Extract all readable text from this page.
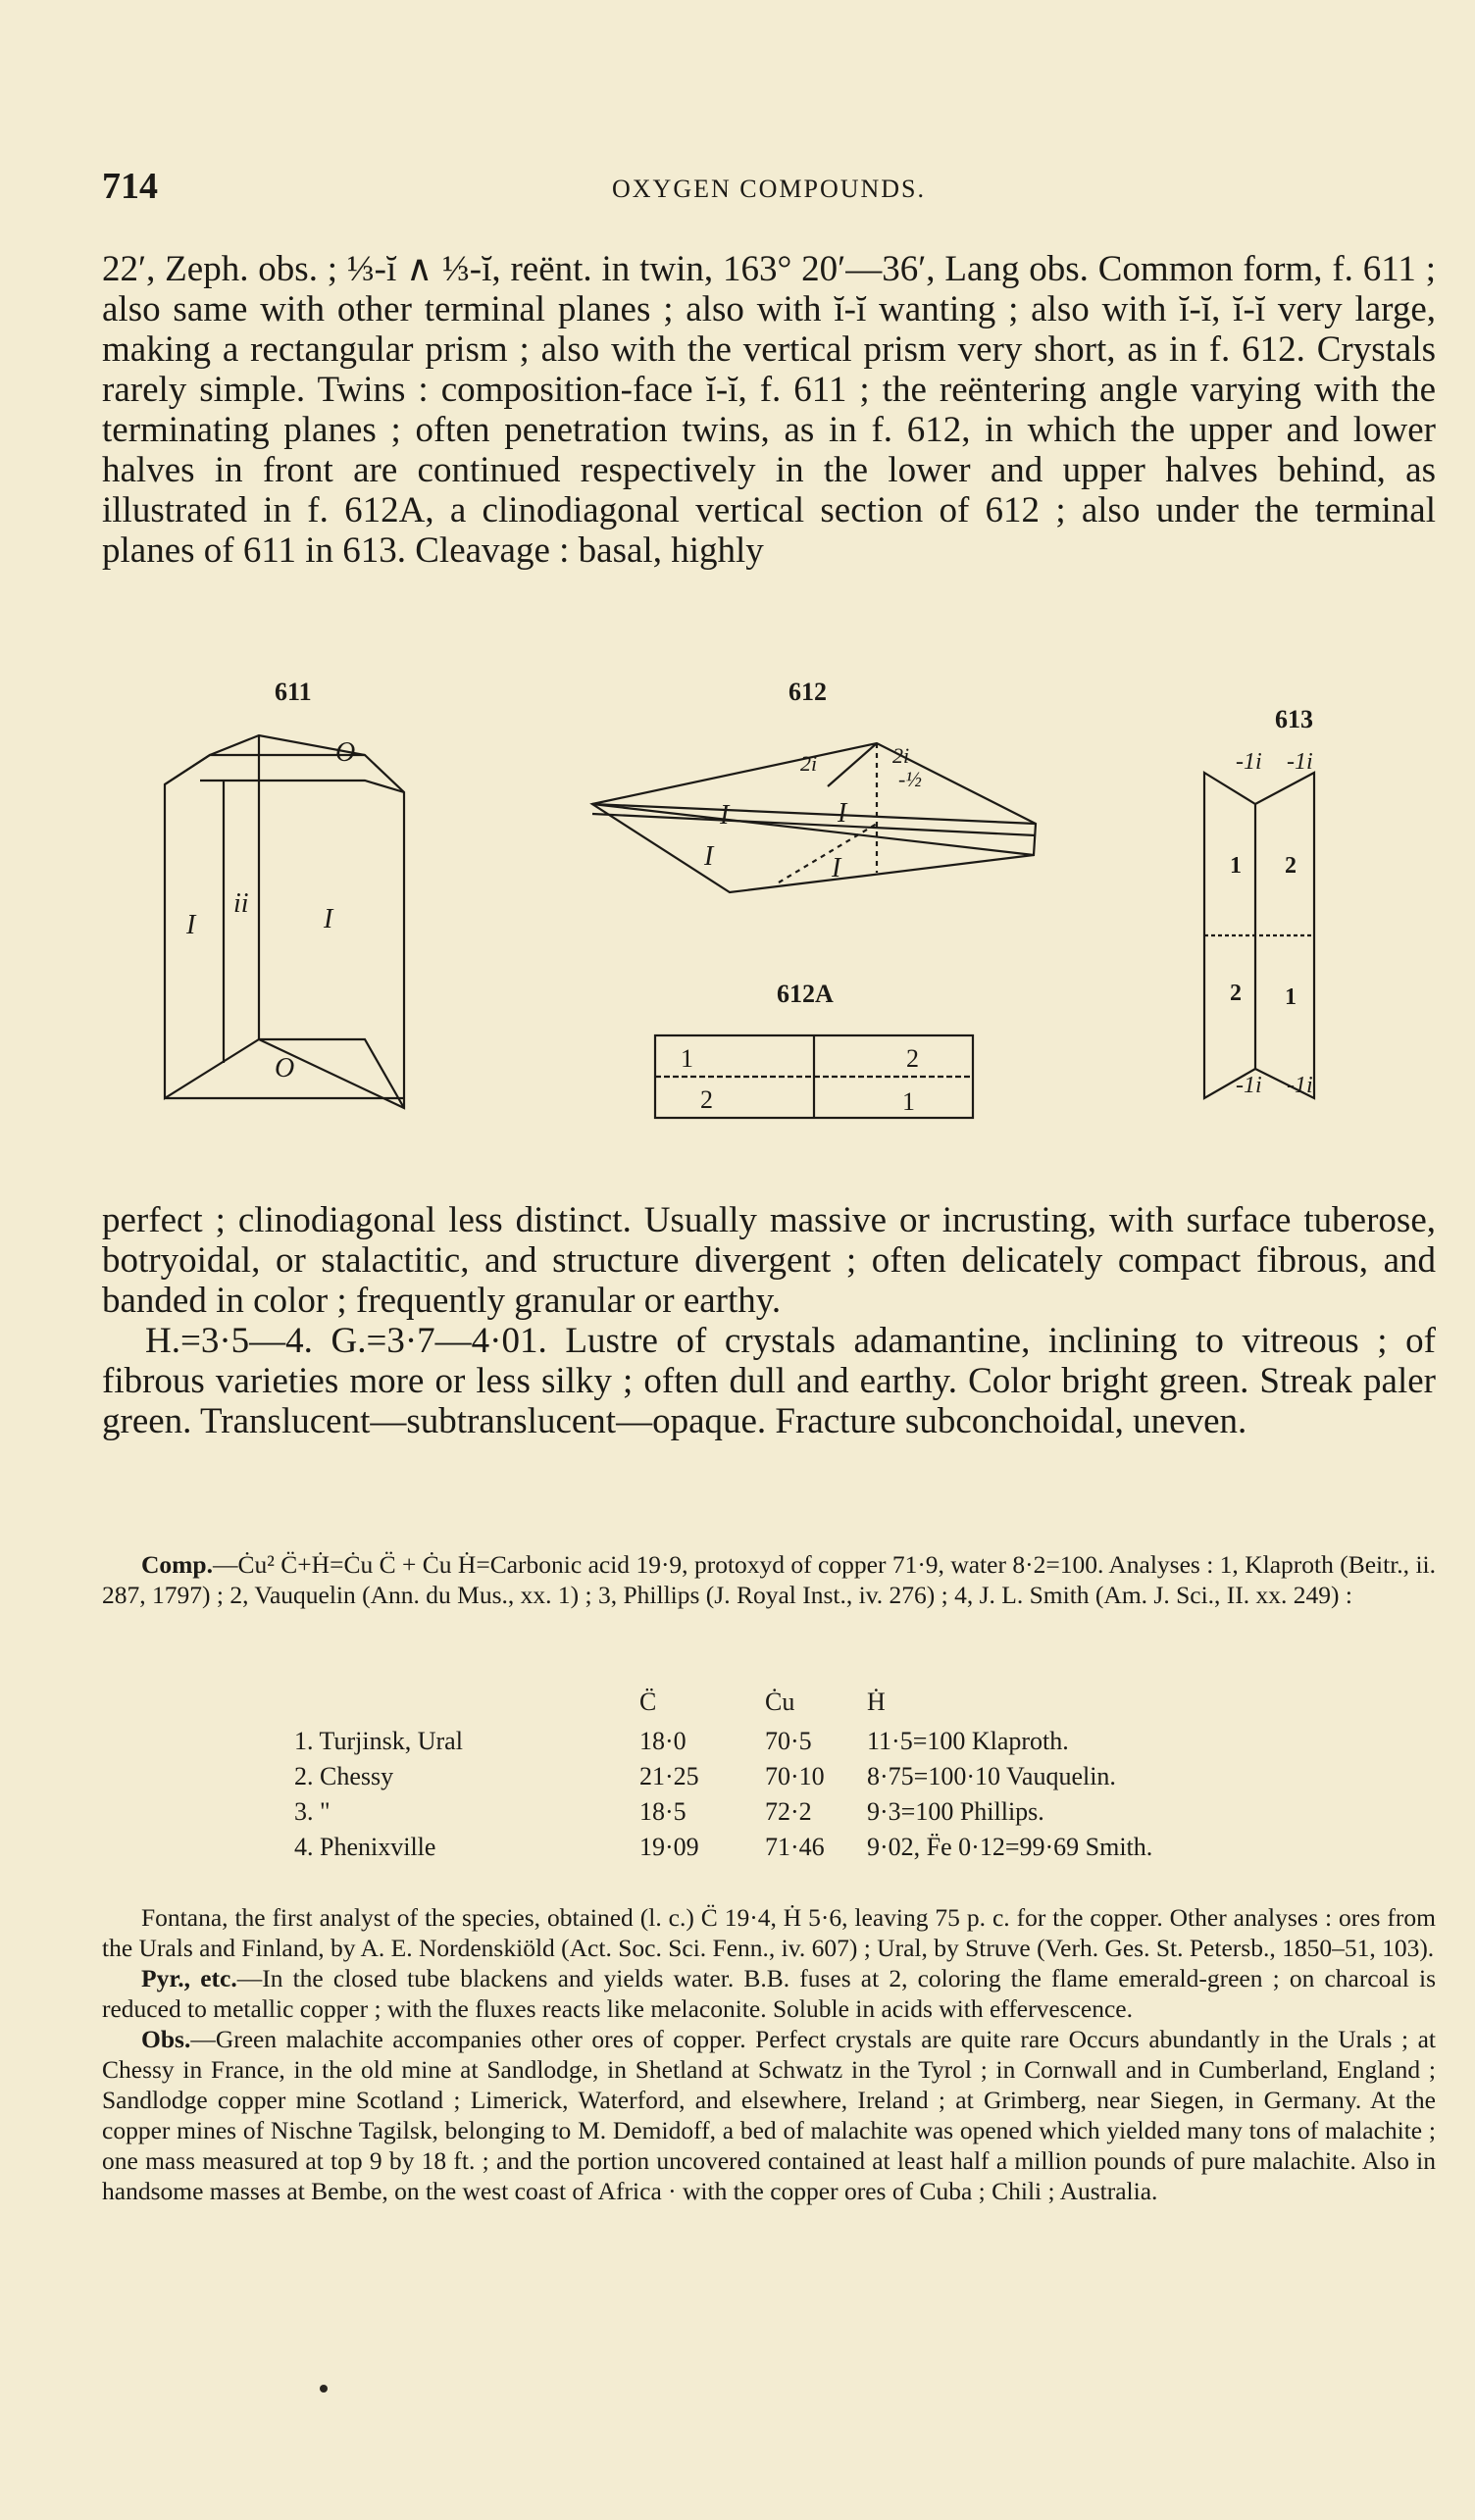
714	OXYGEN COMPOUNDS.

22′, Zeph. obs. ; ⅓-ĭ ∧ ⅓-ĭ, reënt. in twin, 163° 20′—36′, Lang obs. Common form, f. 611 ; also same with other terminal planes ; also with ĭ-ĭ wanting ; also with ĭ-ĭ, ĭ-ĭ very large, making a rectangular prism ; also with the vertical prism very short, as in f. 612. Crystals rarely simple. Twins : composition-face ĭ-ĭ, f. 611 ; the reëntering angle varying with the terminating planes ; often penetration twins, as in f. 612, in which the upper and lower halves in front are continued respectively in the lower and upper halves behind, as illustrated in f. 612A, a clinodiagonal vertical section of 612 ; also under the terminal planes of 611 in 613. Cleavage : basal, highly

611	612
612A
613
O
ii
I	I
O
2i	2i
-½
I	I
I	I
1	2
2	1
-1i -1i
1 2
2 1
-1i -1i

perfect ; clinodiagonal less distinct. Usually massive or incrusting, with surface tuberose, botryoidal, or stalactitic, and structure divergent ; often delicately compact fibrous, and banded in color ; frequently granular or earthy.

H.=3·5—4. G.=3·7—4·01. Lustre of crystals adamantine, inclining to vitreous ; of fibrous varieties more or less silky ; often dull and earthy. Color bright green. Streak paler green. Translucent—subtranslucent—opaque. Fracture subconchoidal, uneven.

Comp.—Ċu² C̈+Ḣ=Ċu C̈ + Ċu Ḣ=Carbonic acid 19·9, protoxyd of copper 71·9, water 8·2=100. Analyses : 1, Klaproth (Beitr., ii. 287, 1797) ; 2, Vauquelin (Ann. du Mus., xx. 1) ; 3, Phillips (J. Royal Inst., iv. 276) ; 4, J. L. Smith (Am. J. Sci., II. xx. 249) :

	C̈	Ċu	Ḣ
1. Turjinsk, Ural	18·0	70·5	11·5=100 Klaproth.
2. Chessy	21·25	70·10	8·75=100·10 Vauquelin.
3. "	18·5	72·2	9·3=100 Phillips.
4. Phenixville	19·09	71·46	9·02, F̈e 0·12=99·69 Smith.

Fontana, the first analyst of the species, obtained (l. c.) C̈ 19·4, Ḣ 5·6, leaving 75 p. c. for the copper. Other analyses : ores from the Urals and Finland, by A. E. Nordenskiöld (Act. Soc. Sci. Fenn., iv. 607) ; Ural, by Struve (Verh. Ges. St. Petersb., 1850–51, 103).

Pyr., etc.—In the closed tube blackens and yields water. B.B. fuses at 2, coloring the flame emerald-green ; on charcoal is reduced to metallic copper ; with the fluxes reacts like melaconite. Soluble in acids with effervescence.

Obs.—Green malachite accompanies other ores of copper. Perfect crystals are quite rare Occurs abundantly in the Urals ; at Chessy in France, in the old mine at Sandlodge, in Shetland at Schwatz in the Tyrol ; in Cornwall and in Cumberland, England ; Sandlodge copper mine Scotland ; Limerick, Waterford, and elsewhere, Ireland ; at Grimberg, near Siegen, in Germany. At the copper mines of Nischne Tagilsk, belonging to M. Demidoff, a bed of malachite was opened which yielded many tons of malachite ; one mass measured at top 9 by 18 ft. ; and the portion uncovered contained at least half a million pounds of pure malachite. Also in handsome masses at Bembe, on the west coast of Africa · with the copper ores of Cuba ; Chili ; Australia.
